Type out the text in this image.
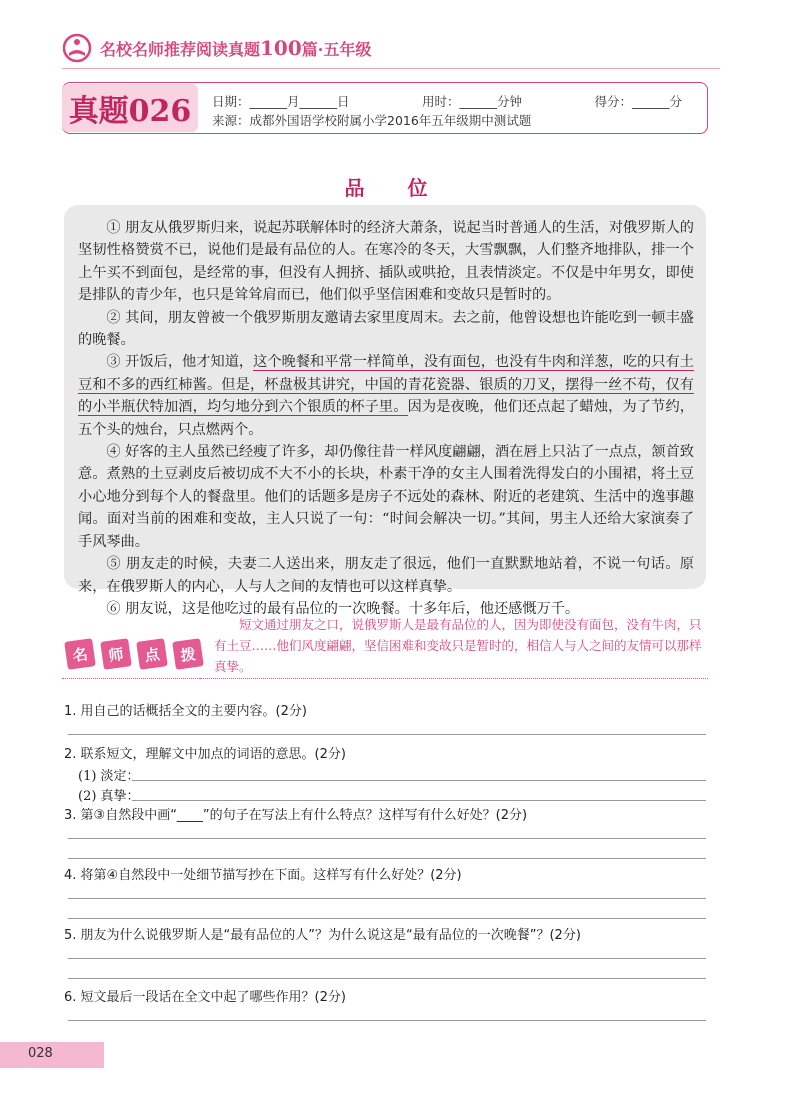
名校名师推荐阅读真题100篇·五年级
真题026	日期：______月______日	用时：______分钟	得分：______分
来源：成都外国语学校附属小学2016年五年级期中测试题
品 位

① 朋友从俄罗斯归来，说起苏联解体时的经济大萧条，说起当时普通人的生活，对俄罗斯人的坚韧性格赞赏不已，说他们是最有品位的人。在寒冷的冬天，大雪飘飘，人们整齐地排队，排一个上午买不到面包，是经常的事，但没有人拥挤、插队或哄抢，且表情淡定。不仅是中年男女，即使是排队的青少年，也只是耸耸肩而已，他们似乎坚信困难和变故只是暂时的。

② 其间，朋友曾被一个俄罗斯朋友邀请去家里度周末。去之前，他曾设想也许能吃到一顿丰盛的晚餐。

③ 开饭后，他才知道，这个晚餐和平常一样简单，没有面包，也没有牛肉和洋葱，吃的只有土豆和不多的西红柿酱。但是，杯盘极其讲究，中国的青花瓷器、银质的刀叉，摆得一丝不苟，仅有的小半瓶伏特加酒，均匀地分到六个银质的杯子里。因为是夜晚，他们还点起了蜡烛，为了节约，五个头的烛台，只点燃两个。

④ 好客的主人虽然已经瘦了许多，却仍像往昔一样风度翩翩，酒在唇上只沾了一点点，颔首致意。煮熟的土豆剥皮后被切成不大不小的长块，朴素干净的女主人围着洗得发白的小围裙，将土豆小心地分到每个人的餐盘里。他们的话题多是房子不远处的森林、附近的老建筑、生活中的逸事趣闻。面对当前的困难和变故，主人只说了一句：“时间会解决一切。”其间，男主人还给大家演奏了手风琴曲。

⑤ 朋友走的时候，夫妻二人送出来，朋友走了很远，他们一直默默地站着，不说一句话。原来，在俄罗斯人的内心，人与人之间的友情也可以这样真挚。

⑥ 朋友说，这是他吃过的最有品位的一次晚餐。十多年后，他还感慨万千。

名	师	点	拨
短文通过朋友之口，说俄罗斯人是最有品位的人，因为即使没有面包，没有牛肉，只有土豆……他们风度翩翩，坚信困难和变故只是暂时的，相信人与人之间的友情可以那样真挚。
1. 用自己的话概括全文的主要内容。(2分)
2. 联系短文，理解文中加点的词语的意思。(2分)
(1) 淡定：
(2) 真挚：
3. 第③自然段中画“____”的句子在写法上有什么特点？这样写有什么好处？(2分)
4. 将第④自然段中一处细节描写抄在下面。这样写有什么好处？(2分)
5. 朋友为什么说俄罗斯人是“最有品位的人”？为什么说这是“最有品位的一次晚餐”？(2分)
6. 短文最后一段话在全文中起了哪些作用？(2分)
028
